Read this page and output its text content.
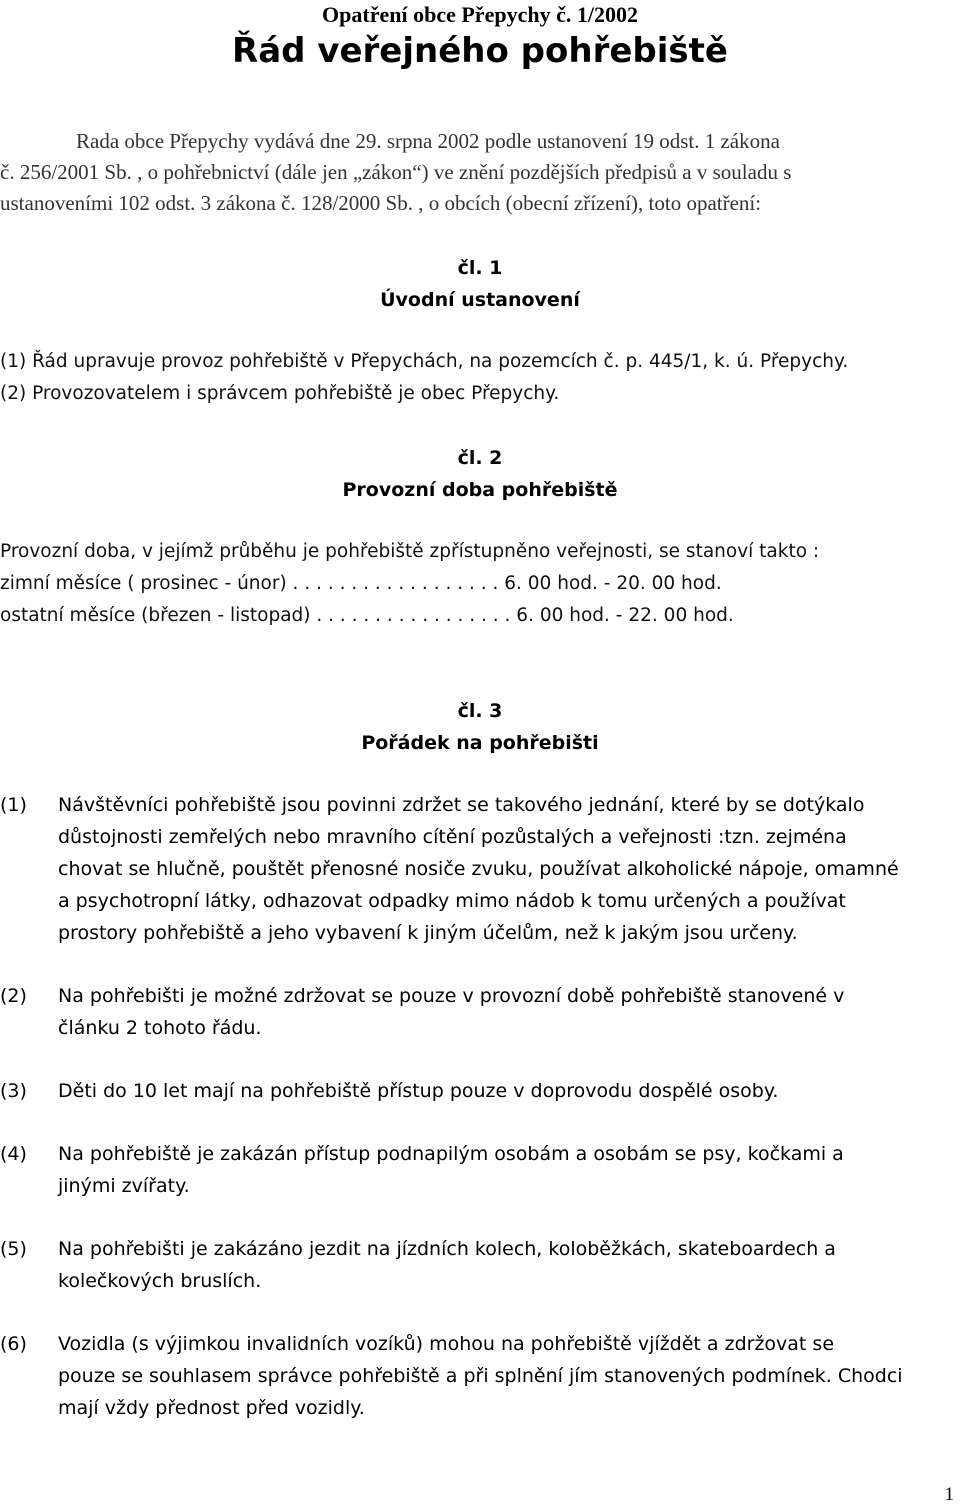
Opatření obce Přepychy č. 1/2002
Řád veřejného pohřebiště
Rada obce Přepychy vydává dne 29. srpna 2002 podle ustanovení 19 odst. 1 zákona
č. 256/2001 Sb. , o pohřebnictví (dále jen „zákon“) ve znění pozdějších předpisů a v souladu s
ustanoveními 102 odst. 3 zákona č. 128/2000 Sb. , o obcích (obecní zřízení), toto opatření:
čl. 1
Úvodní ustanovení
(1) Řád upravuje provoz pohřebiště v Přepychách, na pozemcích č. p. 445/1, k. ú. Přepychy.
(2) Provozovatelem i správcem pohřebiště je obec Přepychy.
čl. 2
Provozní doba pohřebiště
Provozní doba, v jejímž průběhu je pohřebiště zpřístupněno veřejnosti, se stanoví takto :
zimní měsíce ( prosinec - únor) . . . . . . . . . . . . . . . . . . 6. 00 hod. - 20. 00 hod.
ostatní měsíce (březen - listopad) . . . . . . . . . . . . . . . . . 6. 00 hod. - 22. 00 hod.
čl. 3
Pořádek na pohřebišti
(1) Návštěvníci pohřebiště jsou povinni zdržet se takového jednání, které by se dotýkalo
důstojnosti zemřelých nebo mravního cítění pozůstalých a veřejnosti :tzn. zejména
chovat se hlučně, pouštět přenosné nosiče zvuku, používat alkoholické nápoje, omamné
a psychotropní látky, odhazovat odpadky mimo nádob k tomu určených a používat
prostory pohřebiště a jeho vybavení k jiným účelům, než k jakým jsou určeny.
(2) Na pohřebišti je možné zdržovat se pouze v provozní době pohřebiště stanovené v
článku 2 tohoto řádu.
(3) Děti do 10 let mají na pohřebiště přístup pouze v doprovodu dospělé osoby.
(4) Na pohřebiště je zakázán přístup podnapilým osobám a osobám se psy, kočkami a
jinými zvířaty.
(5) Na pohřebišti je zakázáno jezdit na jízdních kolech, koloběžkách, skateboardech a
kolečkových bruslích.
(6) Vozidla (s výjimkou invalidních vozíků) mohou na pohřebiště vjíždět a zdržovat se
pouze se souhlasem správce pohřebiště a při splnění jím stanovených podmínek. Chodci
mají vždy přednost před vozidly.
1
